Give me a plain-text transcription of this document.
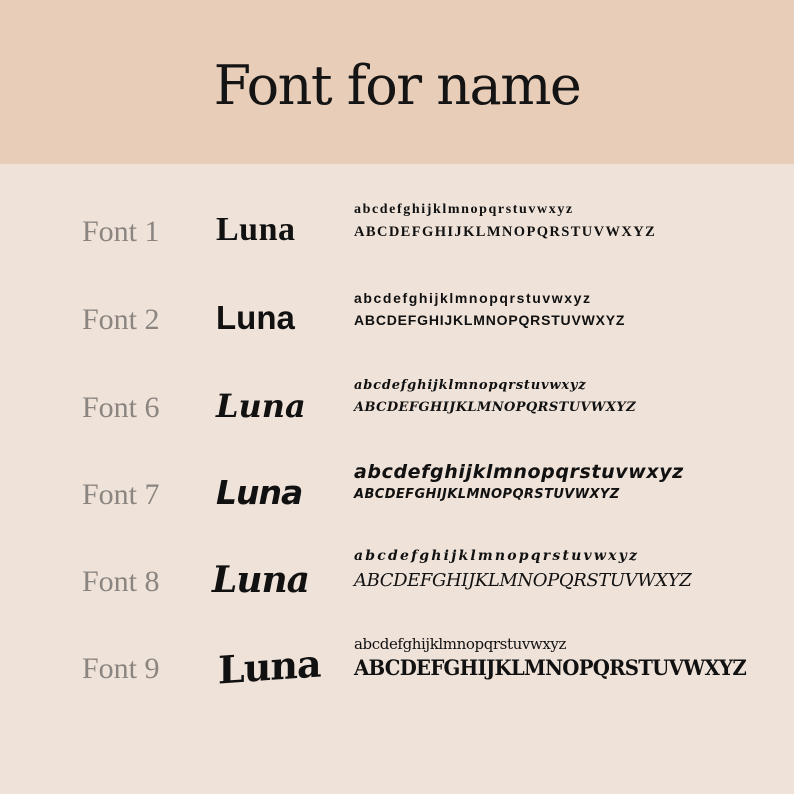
Font for name
Font 1 Luna
abcdefghijklmnopqrstuvwxyz
ABCDEFGHIJKLMNOPQRSTUVWXYZ
Font 2 Luna
abcdefghijklmnopqrstuvwxyz
ABCDEFGHIJKLMNOPQRSTUVWXYZ
Font 6 Luna
abcdefghijklmnopqrstuvwxyz
ABCDEFGHIJKLMNOPQRSTUVWXYZ
Font 7 Luna
abcdefghijklmnopqrstuvwxyz
ABCDEFGHIJKLMNOPQRSTUVWXYZ
Font 8 Luna
abcdefghijklmnopqrstuvwxyz
ABCDEFGHIJKLMNOPQRSTUVWXYZ
Font 9 Luna abcdefghijklmnopqrstuvwxyz
ABCDEFGHIJKLMNOPQRSTUVWXYZ
